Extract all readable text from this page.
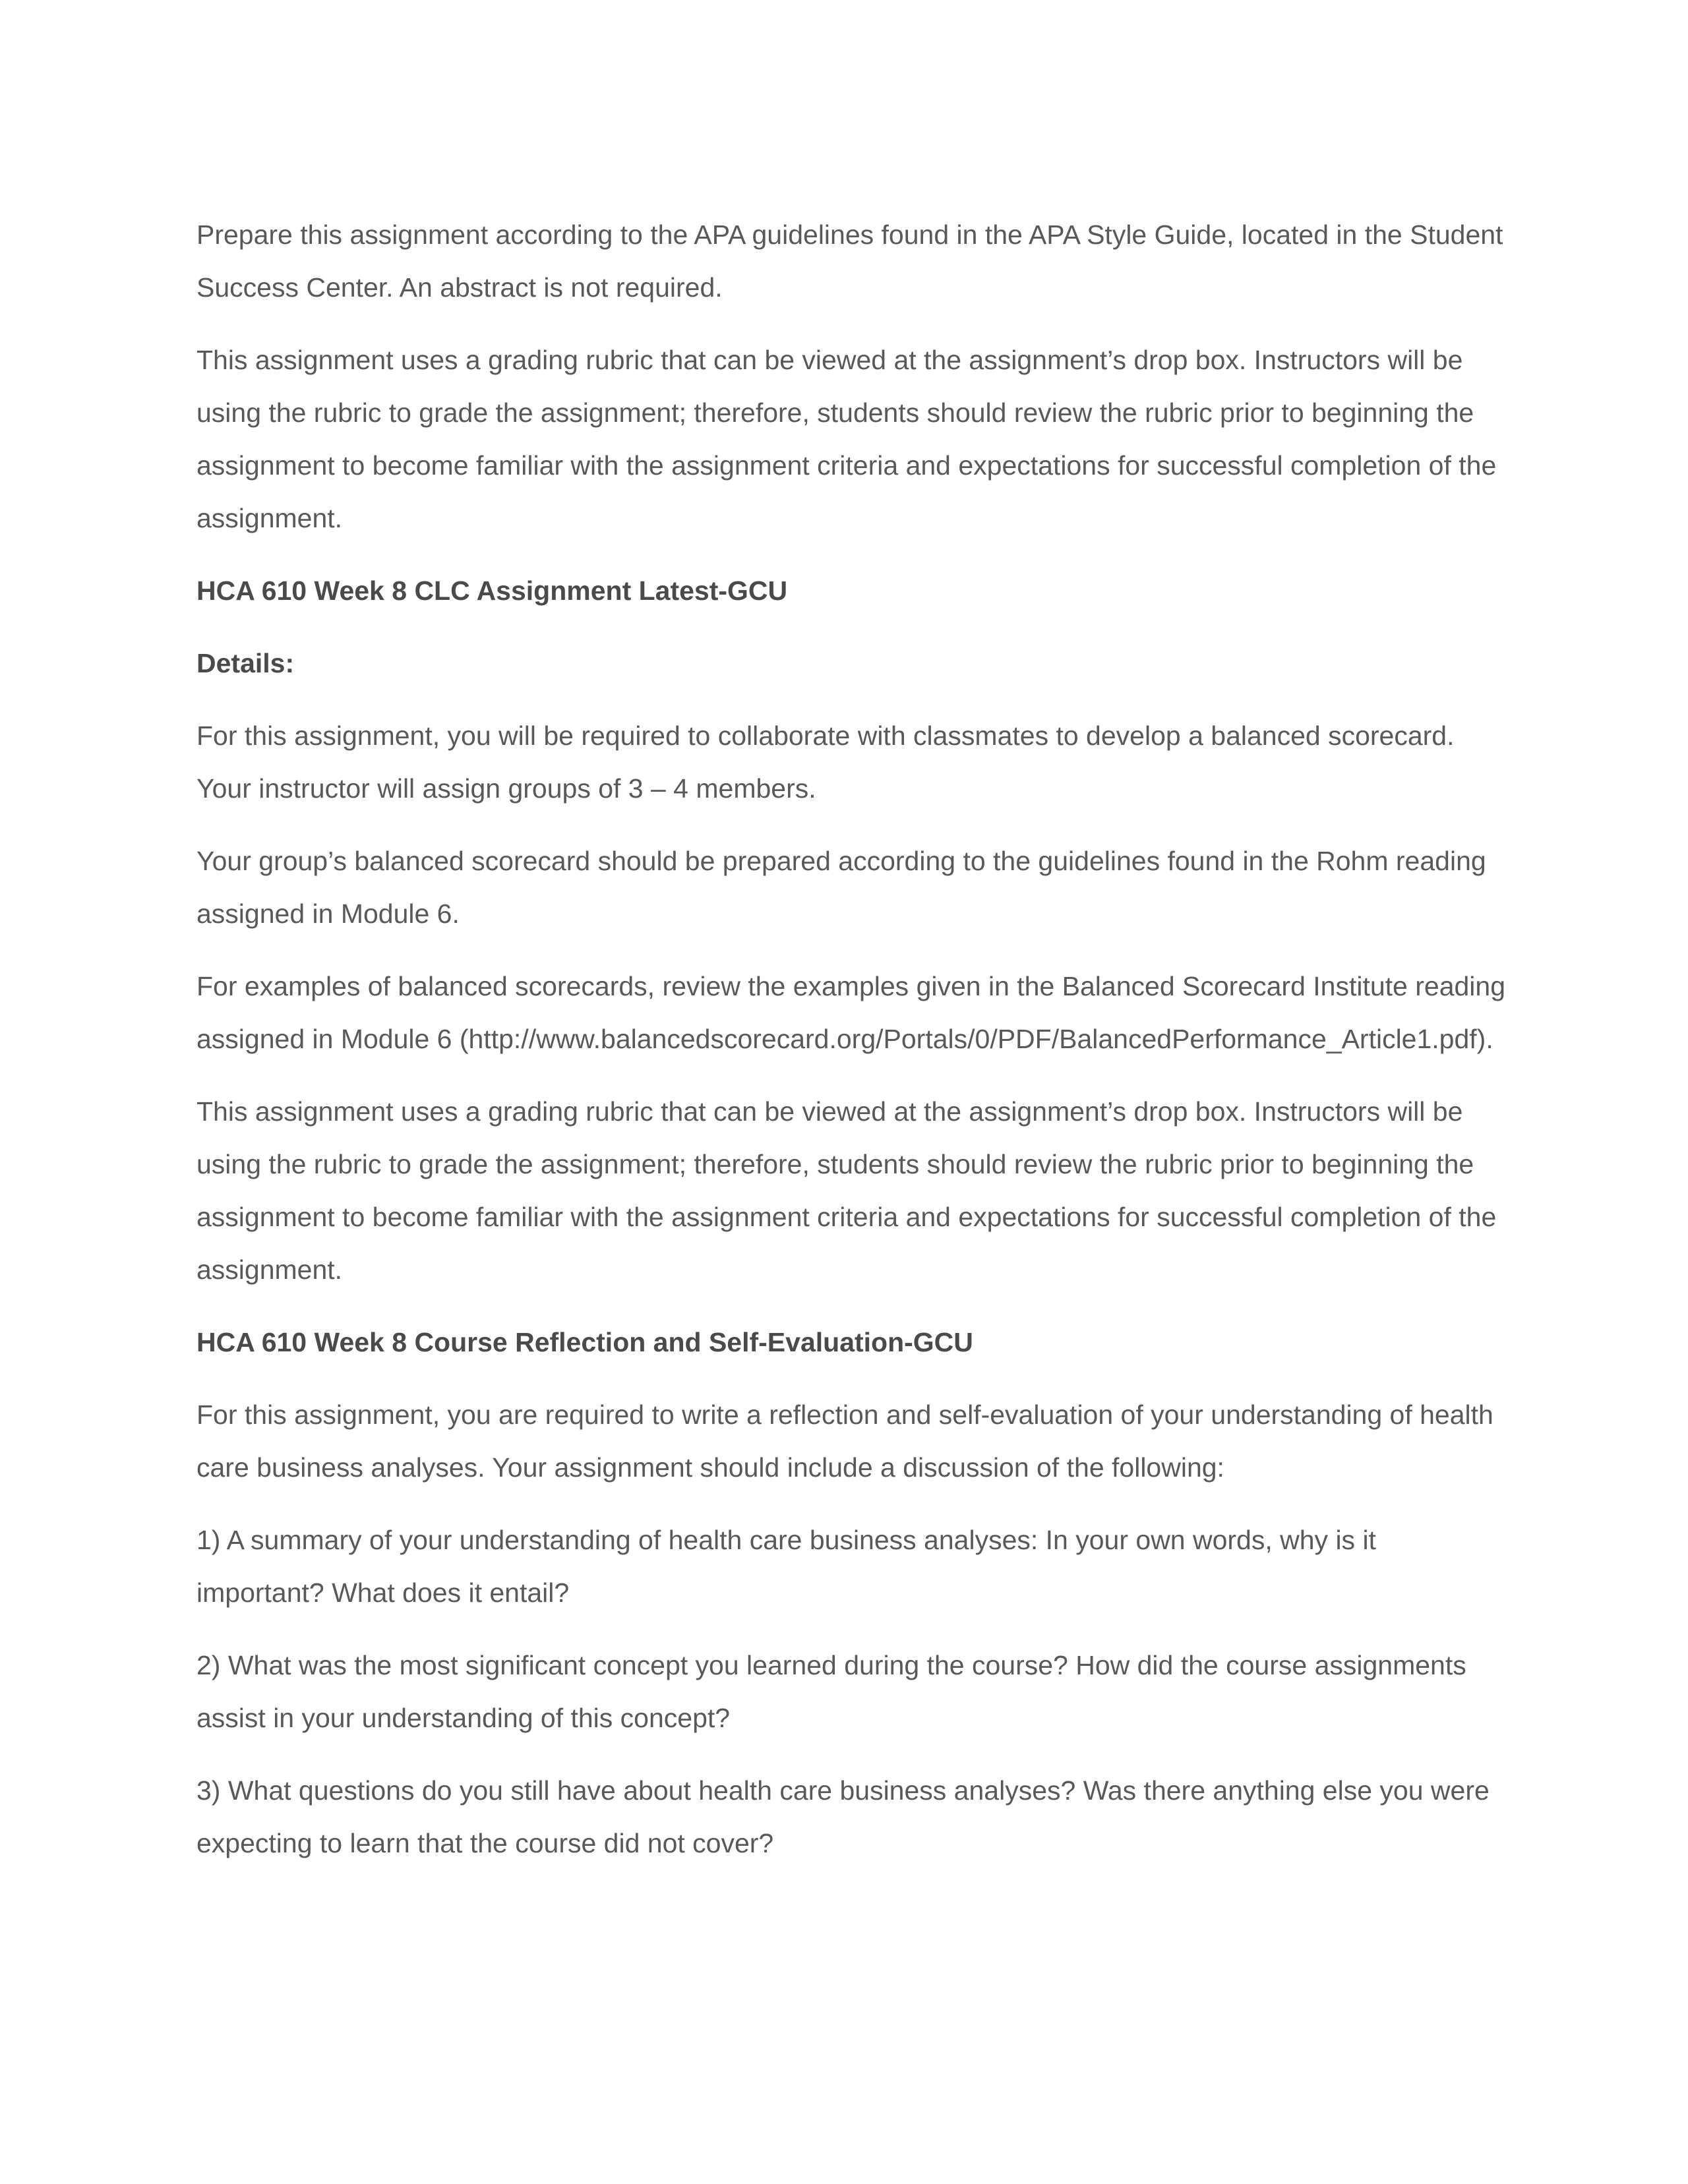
Prepare this assignment according to the APA guidelines found in the APA Style Guide, located in the Student Success Center. An abstract is not required.

This assignment uses a grading rubric that can be viewed at the assignment’s drop box. Instructors will be using the rubric to grade the assignment; therefore, students should review the rubric prior to beginning the assignment to become familiar with the assignment criteria and expectations for successful completion of the assignment.

HCA 610 Week 8 CLC Assignment Latest-GCU

Details:

For this assignment, you will be required to collaborate with classmates to develop a balanced scorecard. Your instructor will assign groups of 3 – 4 members.

Your group’s balanced scorecard should be prepared according to the guidelines found in the Rohm reading assigned in Module 6.

For examples of balanced scorecards, review the examples given in the Balanced Scorecard Institute reading assigned in Module 6 (http://www.balancedscorecard.org/Portals/0/PDF/BalancedPerformance_Article1.pdf).

This assignment uses a grading rubric that can be viewed at the assignment’s drop box. Instructors will be using the rubric to grade the assignment; therefore, students should review the rubric prior to beginning the assignment to become familiar with the assignment criteria and expectations for successful completion of the assignment.

HCA 610 Week 8 Course Reflection and Self-Evaluation-GCU

For this assignment, you are required to write a reflection and self-evaluation of your understanding of health care business analyses. Your assignment should include a discussion of the following:

1) A summary of your understanding of health care business analyses: In your own words, why is it important? What does it entail?

2) What was the most significant concept you learned during the course? How did the course assignments assist in your understanding of this concept?

3) What questions do you still have about health care business analyses? Was there anything else you were expecting to learn that the course did not cover?
